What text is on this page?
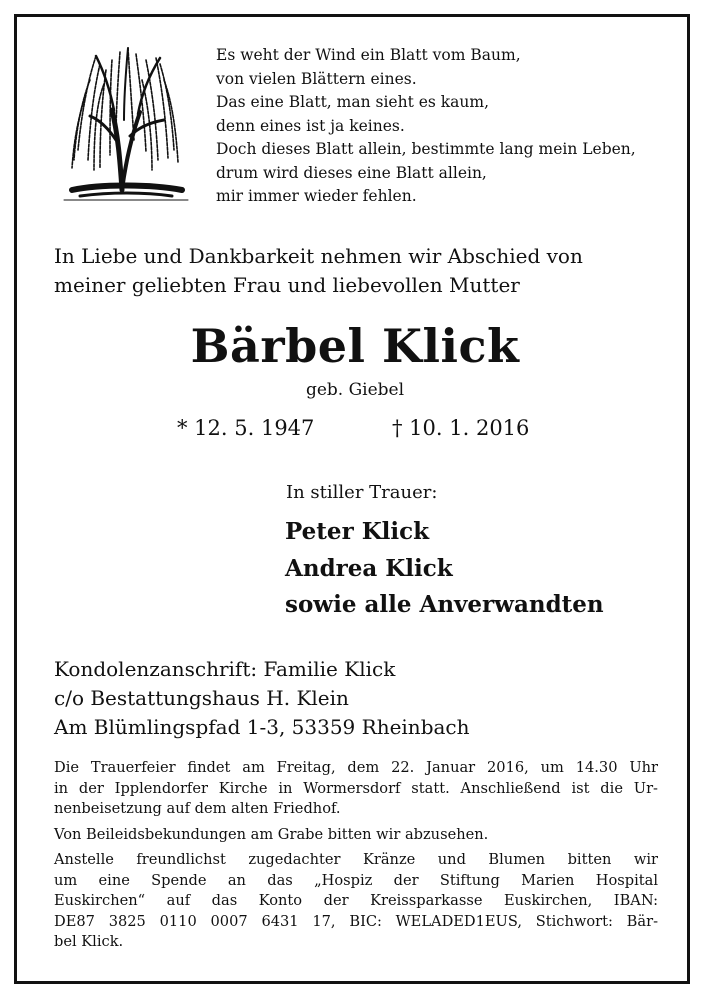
Es weht der Wind ein Blatt vom Baum,
von vielen Blättern eines.
Das eine Blatt, man sieht es kaum,
denn eines ist ja keines.
Doch dieses Blatt allein, bestimmte lang mein Leben,
drum wird dieses eine Blatt allein,
mir immer wieder fehlen.
In Liebe und Dankbarkeit nehmen wir Abschied von
meiner geliebten Frau und liebevollen Mutter
Bärbel Klick
geb. Giebel
* 12. 5. 1947	† 10. 1. 2016
In stiller Trauer:
Peter Klick
Andrea Klick
sowie alle Anverwandten
Kondolenzanschrift: Familie Klick
c/o Bestattungshaus H. Klein
Am Blümlingspfad 1-3, 53359 Rheinbach
Die Trauerfeier findet am Freitag, dem 22. Januar 2016, um 14.30 Uhr
in der Ipplendorfer Kirche in Wormersdorf statt. Anschließend ist die Ur-
nenbeisetzung auf dem alten Friedhof.
Von Beileidsbekundungen am Grabe bitten wir abzusehen.
Anstelle freundlichst zugedachter Kränze und Blumen bitten wir
um eine Spende an das „Hospiz der Stiftung Marien Hospital
Euskirchen“ auf das Konto der Kreissparkasse Euskirchen, IBAN:
DE87 3825 0110 0007 6431 17, BIC: WELADED1EUS, Stichwort: Bär-
bel Klick.
